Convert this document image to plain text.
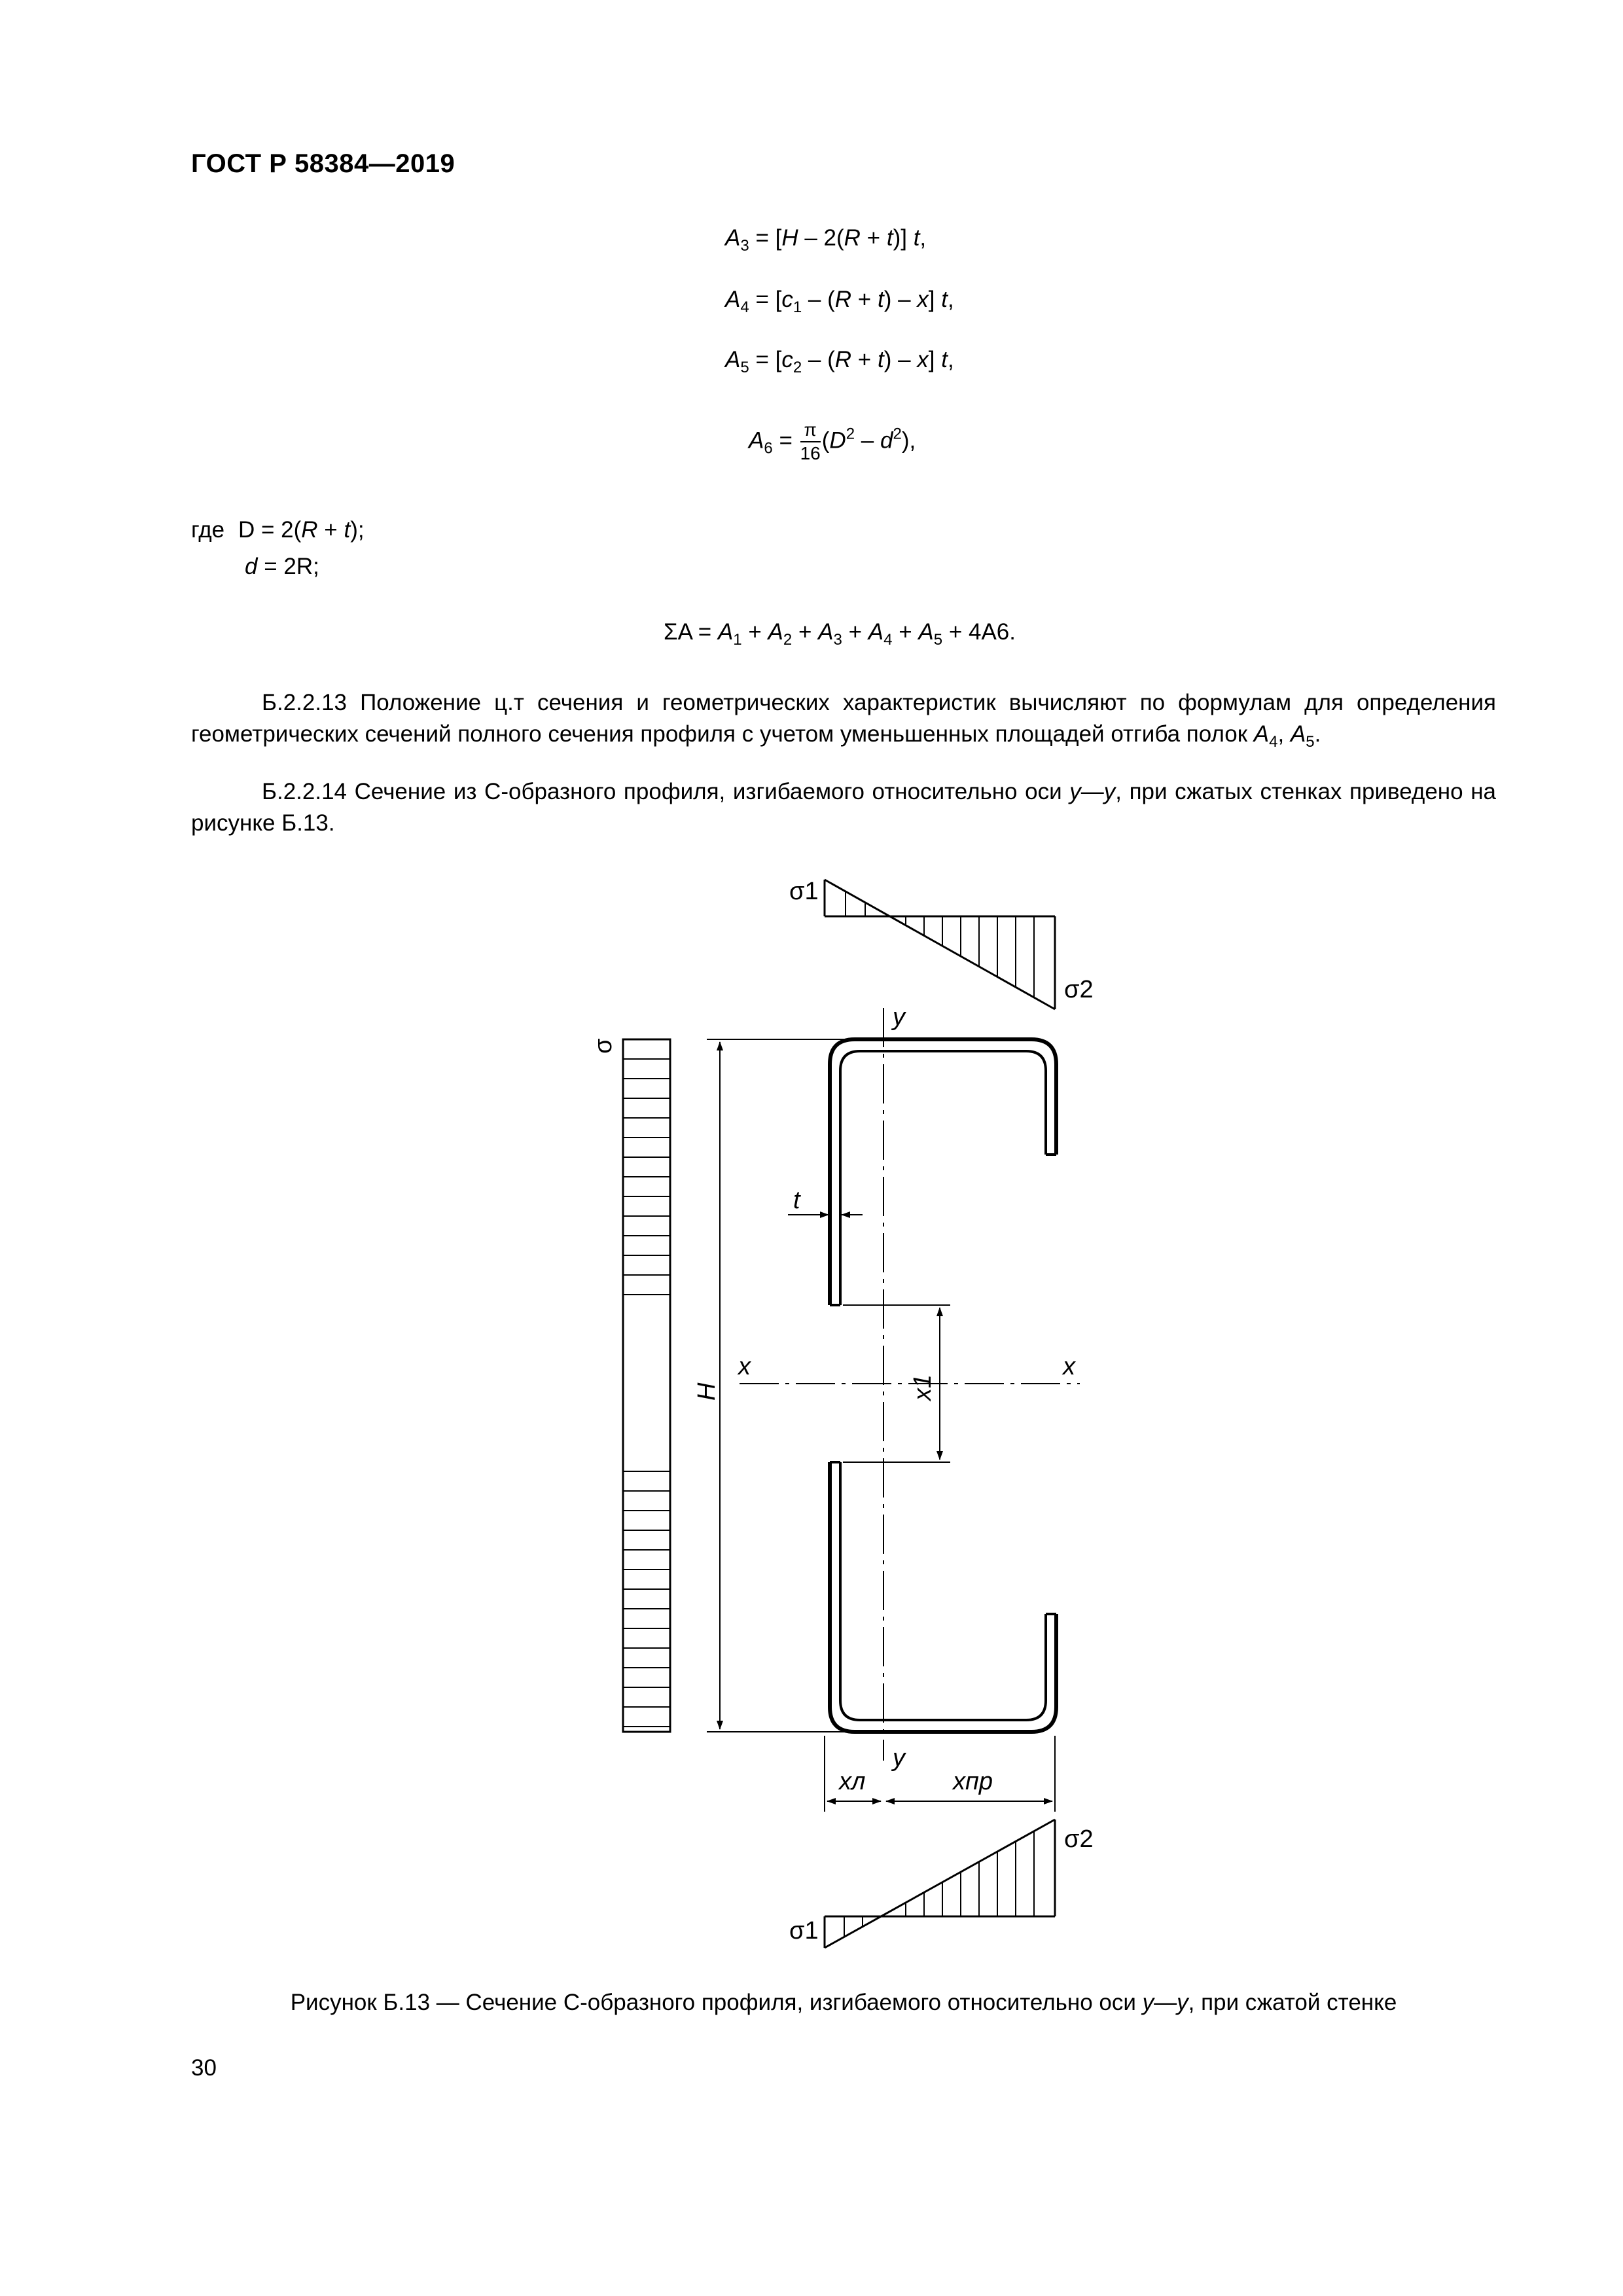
ГОСТ Р 58384—2019
$A_3 = [H - 2(R + t)]$ t,
$A_4 = [c_1 - (R + t) - x]$ t,
$A_5 = [c_2 - (R + t) - x]$ t,
$A_6 = \frac{\pi}{16} (D^2 - d^2)$,
где D = 2(R + t);
d = 2R;
$\Sigma A = A_1 + A_2 + A_3 + A_4 + A_5 + 4A6$.
Б.2.2.13 Положение ц.т сечения и геометрических характеристик вычисляют по формулам для определения геометрических сечений полного сечения профиля с учетом уменьшенных площадей отгиба полок $A_4$, $A_5$.
Б.2.2.14 Сечение из С-образного профиля, изгибаемого относительно оси y—y, при сжатых стенках приведено на рисунке Б.13.
σ1
σ2
σ
H
y
y
x	x
t
x1
xл	xпр
σ2
σ1
Рисунок Б.13 — Сечение С-образного профиля, изгибаемого относительно оси y—y, при сжатой стенке
30
